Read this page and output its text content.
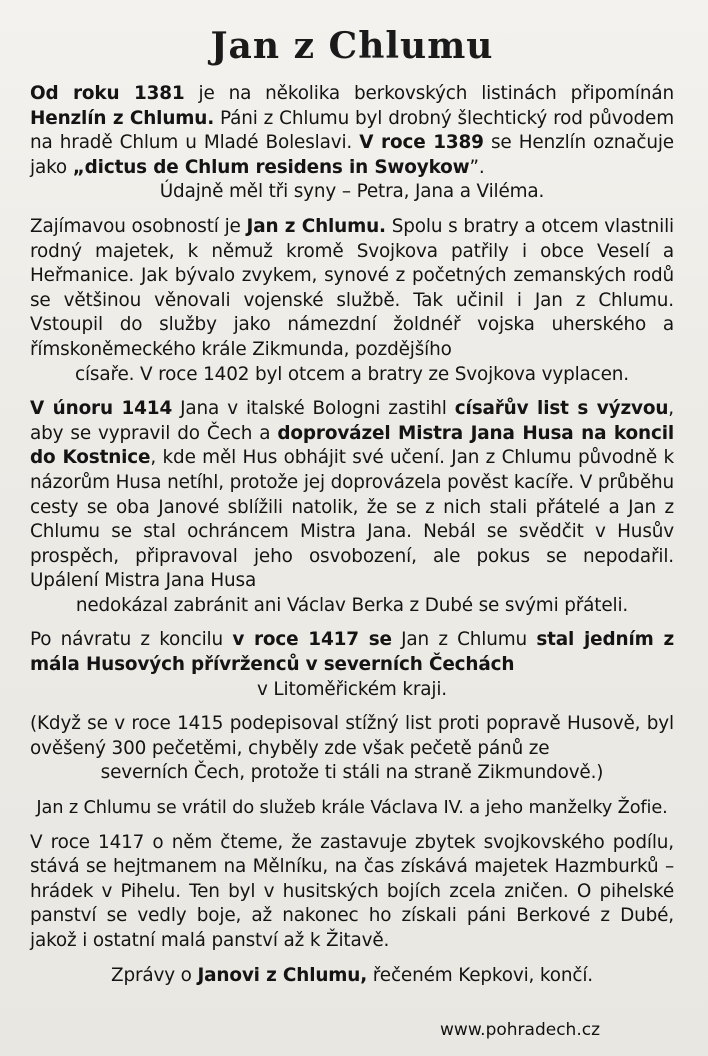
Jan z Chlumu

Od roku 1381 je na několika berkovských listinách připomínán Henzlín z Chlumu. Páni z Chlumu byl drobný šlechtický rod původem na hradě Chlum u Mladé Boleslavi. V roce 1389 se Henzlín označuje jako „dictus de Chlum residens in Swoykow”.
Údajně měl tři syny – Petra, Jana a Viléma.

Zajímavou osobností je Jan z Chlumu. Spolu s bratry a otcem vlastnili rodný majetek, k němuž kromě Svojkova patřily i obce Veselí a Heřmanice. Jak bývalo zvykem, synové z početných zemanských rodů se většinou věnovali vojenské službě. Tak učinil i Jan z Chlumu. Vstoupil do služby jako námezdní žoldnéř vojska uherského a římskoněmeckého krále Zikmunda, pozdějšího
císaře. V roce 1402 byl otcem a bratry ze Svojkova vyplacen.

V únoru 1414 Jana v italské Bologni zastihl císařův list s výzvou, aby se vypravil do Čech a doprovázel Mistra Jana Husa na koncil do Kostnice, kde měl Hus obhájit své učení. Jan z Chlumu původně k názorům Husa netíhl, protože jej doprovázela pověst kacíře. V průběhu cesty se oba Janové sblížili natolik, že se z nich stali přátelé a Jan z Chlumu se stal ochráncem Mistra Jana. Nebál se svědčit v Husův prospěch, připravoval jeho osvobození, ale pokus se nepodařil. Upálení Mistra Jana Husa
nedokázal zabránit ani Václav Berka z Dubé se svými přáteli.

Po návratu z koncilu v roce 1417 se Jan z Chlumu stal jedním z mála Husových přívrženců v severních Čechách
v Litoměřickém kraji.

(Když se v roce 1415 podepisoval stížný list proti popravě Husově, byl ověšený 300 pečetěmi, chyběly zde však pečetě pánů ze
severních Čech, protože ti stáli na straně Zikmundově.)

Jan z Chlumu se vrátil do služeb krále Václava IV. a jeho manželky Žofie.

V roce 1417 o něm čteme, že zastavuje zbytek svojkovského podílu, stává se hejtmanem na Mělníku, na čas získává majetek Hazmburků – hrádek v Pihelu. Ten byl v husitských bojích zcela zničen. O pihelské panství se vedly boje, až nakonec ho získali páni Berkové z Dubé, jakož i ostatní malá panství až k Žitavě.

Zprávy o Janovi z Chlumu, řečeném Kepkovi, končí.

www.pohradech.cz
